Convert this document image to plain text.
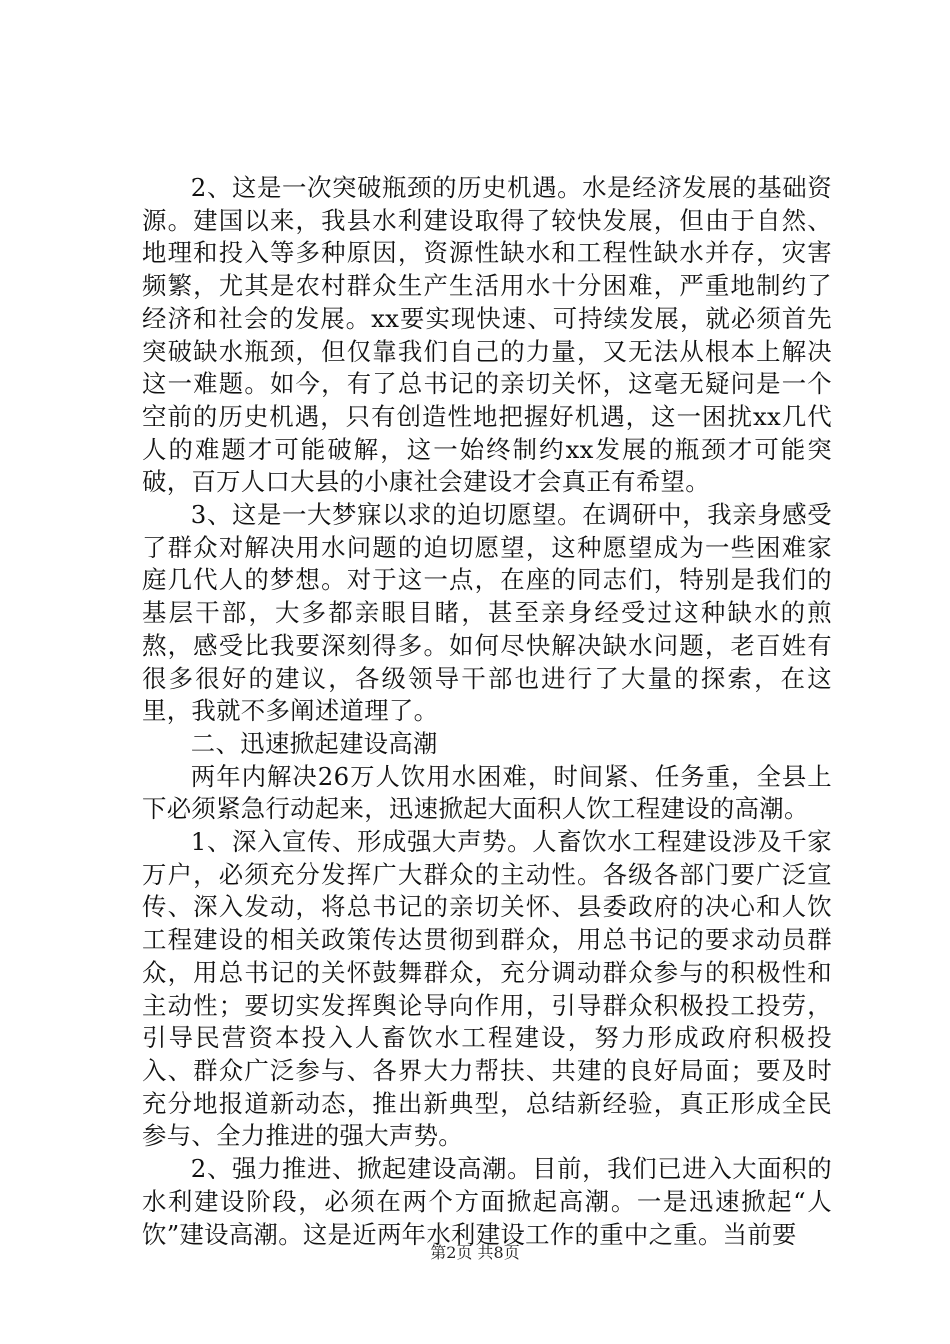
2、这是一次突破瓶颈的历史机遇。水是经济发展的基础资源。建国以来，我县水利建设取得了较快发展，但由于自然、地理和投入等多种原因，资源性缺水和工程性缺水并存，灾害频繁，尤其是农村群众生产生活用水十分困难，严重地制约了经济和社会的发展。xx要实现快速、可持续发展，就必须首先突破缺水瓶颈，但仅靠我们自己的力量，又无法从根本上解决这一难题。如今，有了总书记的亲切关怀，这毫无疑问是一个空前的历史机遇，只有创造性地把握好机遇，这一困扰xx几代人的难题才可能破解，这一始终制约xx发展的瓶颈才可能突破，百万人口大县的小康社会建设才会真正有希望。

3、这是一大梦寐以求的迫切愿望。在调研中，我亲身感受了群众对解决用水问题的迫切愿望，这种愿望成为一些困难家庭几代人的梦想。对于这一点，在座的同志们，特别是我们的基层干部，大多都亲眼目睹，甚至亲身经受过这种缺水的煎熬，感受比我要深刻得多。如何尽快解决缺水问题，老百姓有很多很好的建议，各级领导干部也进行了大量的探索，在这里，我就不多阐述道理了。

二、迅速掀起建设高潮

两年内解决26万人饮用水困难，时间紧、任务重，全县上下必须紧急行动起来，迅速掀起大面积人饮工程建设的高潮。

1、深入宣传、形成强大声势。人畜饮水工程建设涉及千家万户，必须充分发挥广大群众的主动性。各级各部门要广泛宣传、深入发动，将总书记的亲切关怀、县委政府的决心和人饮工程建设的相关政策传达贯彻到群众，用总书记的要求动员群众，用总书记的关怀鼓舞群众，充分调动群众参与的积极性和主动性；要切实发挥舆论导向作用，引导群众积极投工投劳，引导民营资本投入人畜饮水工程建设，努力形成政府积极投入、群众广泛参与、各界大力帮扶、共建的良好局面；要及时充分地报道新动态，推出新典型，总结新经验，真正形成全民参与、全力推进的强大声势。

2、强力推进、掀起建设高潮。目前，我们已进入大面积的水利建设阶段，必须在两个方面掀起高潮。一是迅速掀起“人饮”建设高潮。这是近两年水利建设工作的重中之重。当前要

第2页 共8页
